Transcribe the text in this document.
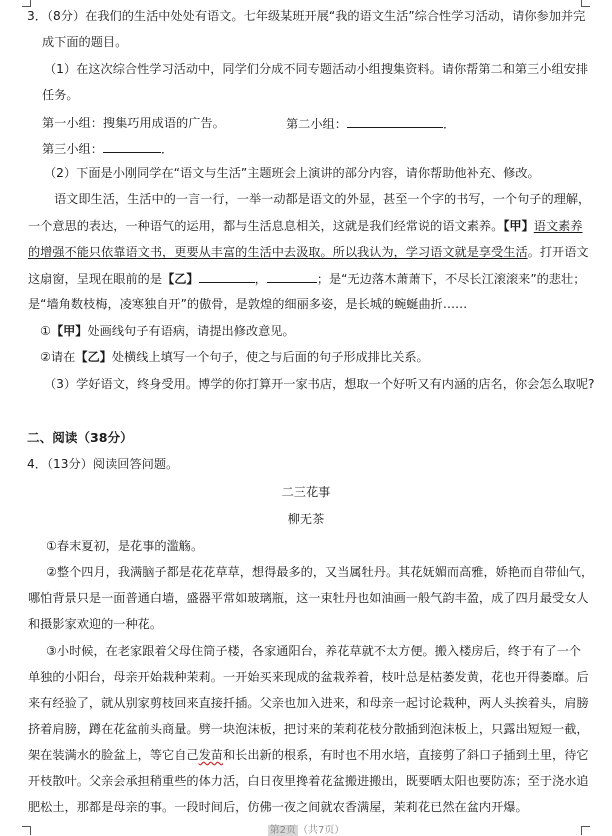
3．（8分）在我们的生活中处处有语文。七年级某班开展“我的语文生活”综合性学习活动，请你参加并完
成下面的题目。
（1）在这次综合性学习活动中，同学们分成不同专题活动小组搜集资料。请你帮第二和第三小组安排
任务。
第一小组：搜集巧用成语的广告。	第二小组：	．
第三小组：	．
（2）下面是小刚同学在“语文与生活”主题班会上演讲的部分内容，请你帮助他补充、修改。
语文即生活，生活中的一言一行，一举一动都是语文的外显，甚至一个字的书写，一个句子的理解，
一个意思的表达，一种语气的运用，都与生活息息相关，这就是我们经常说的语文素养。【甲】语文素养
的增强不能只依靠语文书，更要从丰富的生活中去汲取。所以我认为，学习语文就是享受生活。打开语文
这扇窗，呈现在眼前的是【乙】	，	；是“无边落木萧萧下，不尽长江滚滚来”的悲壮；
是“墙角数枝梅，凌寒独自开”的傲骨，是敦煌的细丽多姿，是长城的蜿蜒曲折……
①【甲】处画线句子有语病，请提出修改意见。
②请在【乙】处横线上填写一个句子，使之与后面的句子形成排比关系。
（3）学好语文，终身受用。博学的你打算开一家书店，想取一个好听又有内涵的店名，你会怎么取呢?
二、阅读（38分）
4．（13分）阅读回答问题。
二三花事
柳无茶
①春末夏初，是花事的滥觞。
②整个四月，我满脑子都是花花草草，想得最多的，又当属牡丹。其花妩媚而高雅，娇艳而自带仙气，
哪怕背景只是一面普通白墙，盛器平常如玻璃瓶，这一束牡丹也如油画一般气韵丰盈，成了四月最受女人
和摄影家欢迎的一种花。
③小时候，在老家跟着父母住筒子楼，各家通阳台，养花草就不太方便。搬入楼房后，终于有了一个
单独的小阳台，母亲开始栽种茉莉。一开始买来现成的盆栽养着，枝叶总是枯萎发黄，花也开得萎靡。后
来有经验了，就从别家剪枝回来直接扦插。父亲也加入进来，和母亲一起讨论栽种，两人头挨着头，肩膀
挤着肩膀，蹲在花盆前头商量。劈一块泡沫板，把讨来的茉莉花枝分散插到泡沫板上，只露出短短一截，
架在装满水的脸盆上，等它自己发苗和长出新的根系，有时也不用水培，直接剪了斜口子插到土里，待它
开枝散叶。父亲会承担稍重些的体力活，白日夜里搀着花盆搬进搬出，既要晒太阳也要防冻；至于浇水追
肥松土，那都是母亲的事。一段时间后，仿佛一夜之间就农香满屋，茉莉花已然在盆内开爆。
第2页 （共7页）
